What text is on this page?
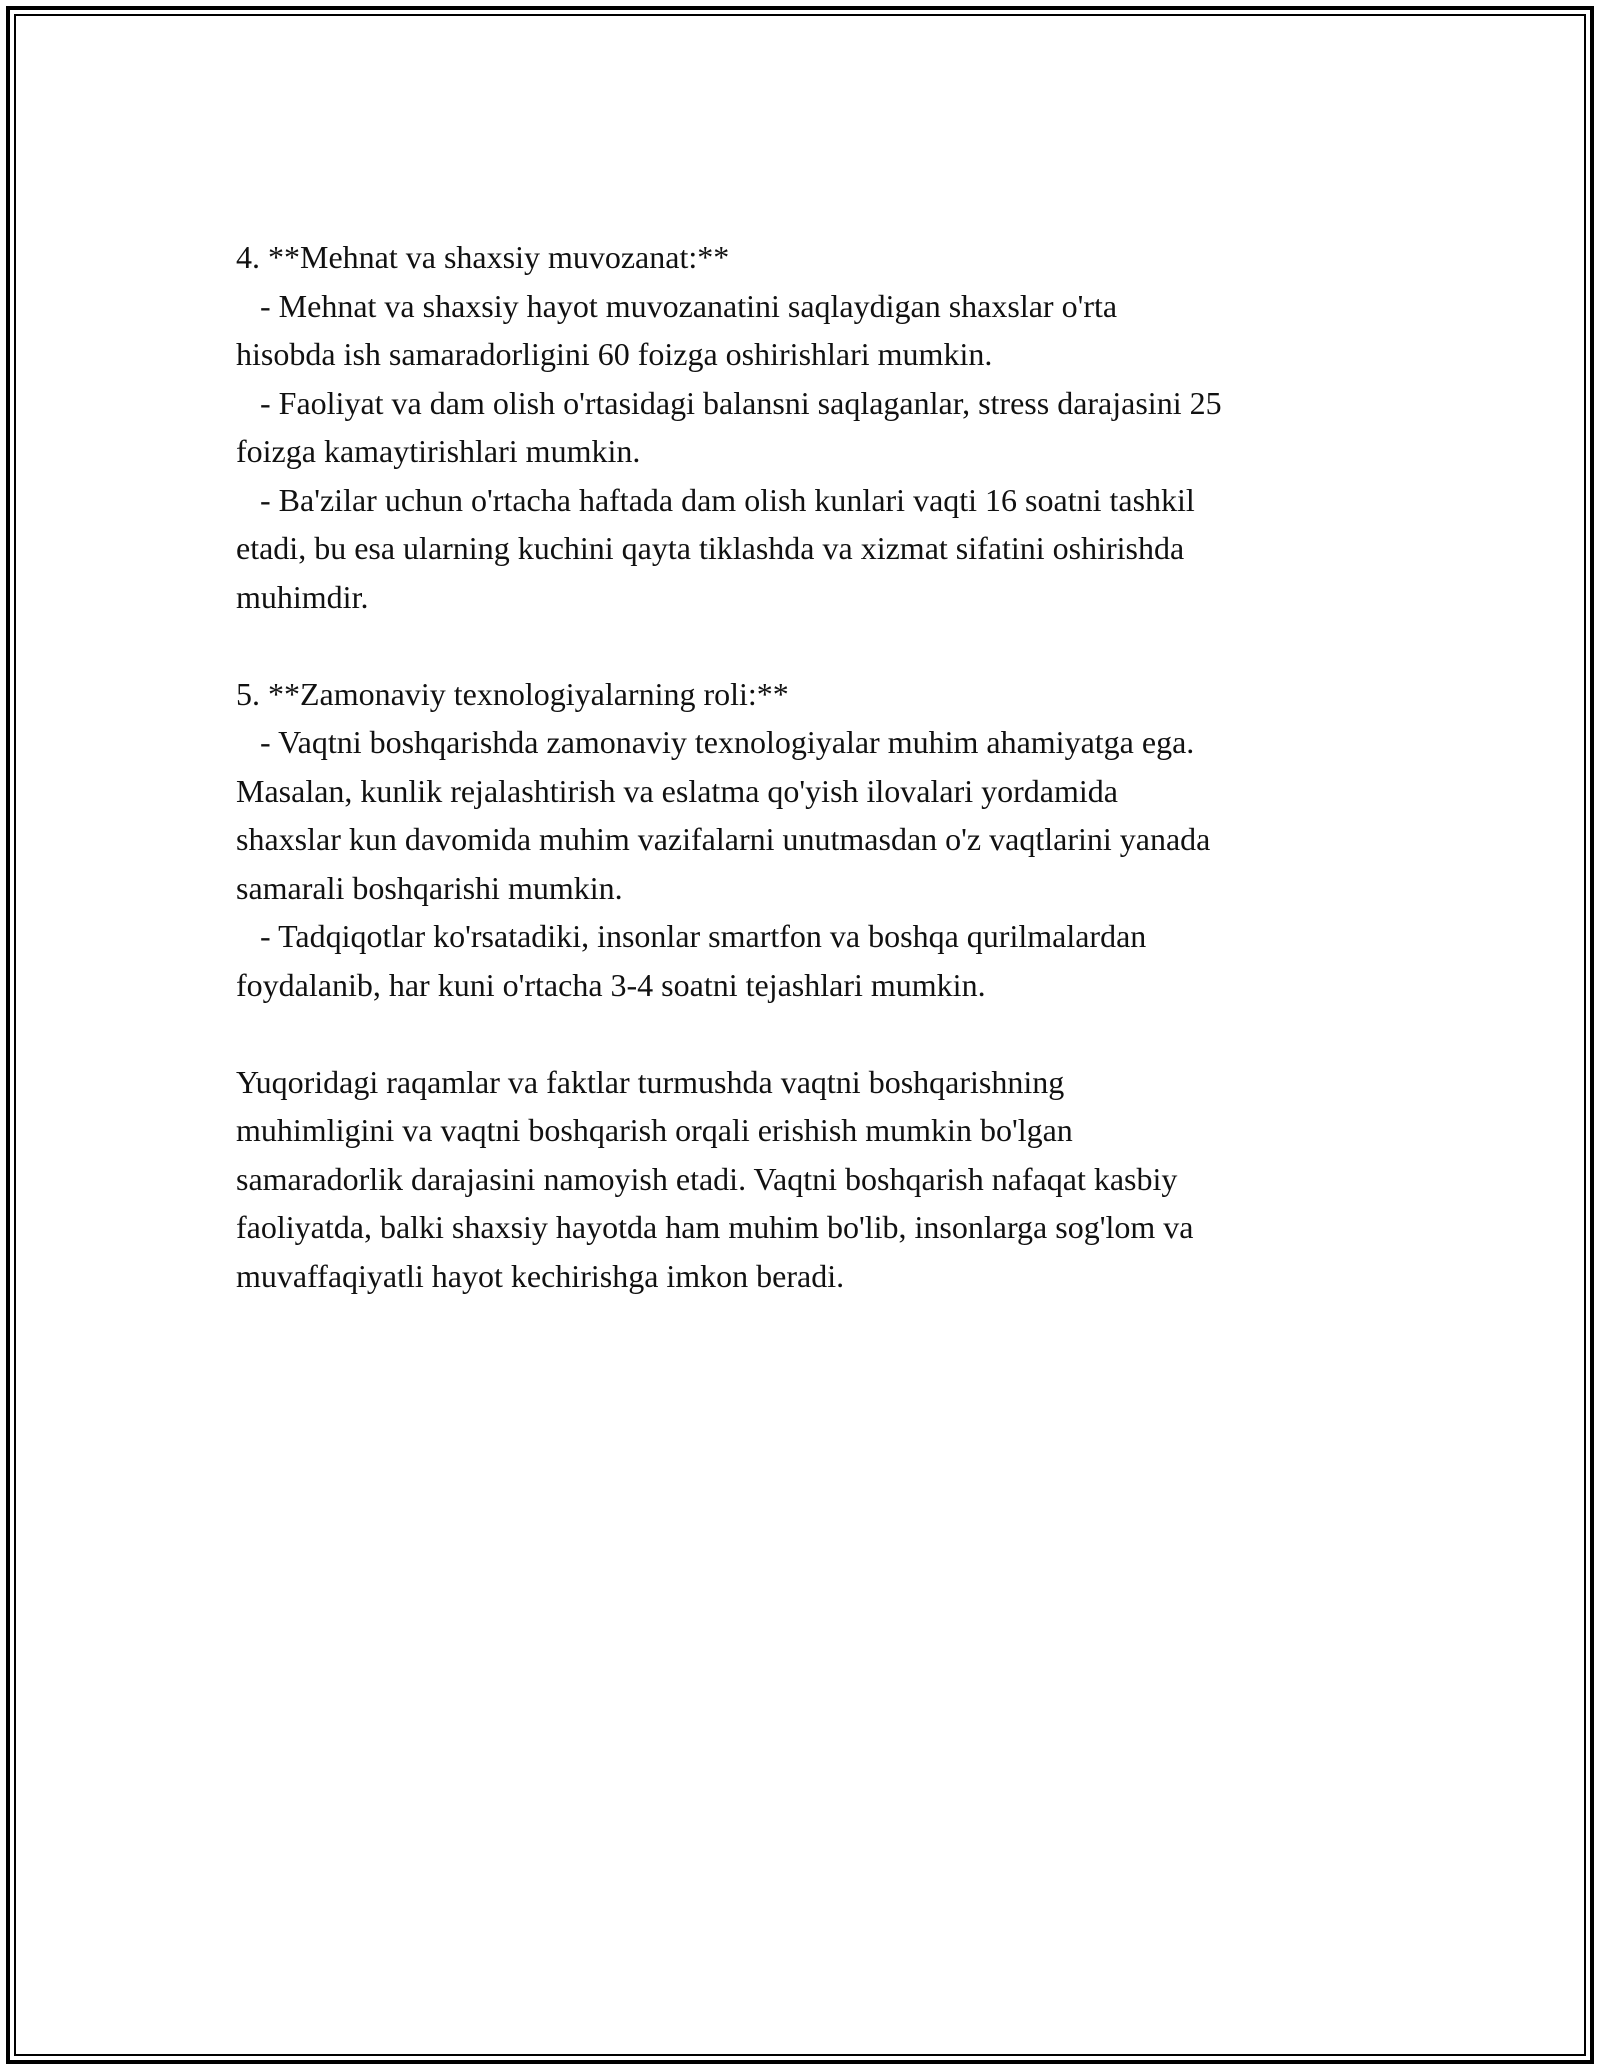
4. **Mehnat va shaxsiy muvozanat:**
- Mehnat va shaxsiy hayot muvozanatini saqlaydigan shaxslar o'rta
hisobda ish samaradorligini 60 foizga oshirishlari mumkin.
- Faoliyat va dam olish o'rtasidagi balansni saqlaganlar, stress darajasini 25
foizga kamaytirishlari mumkin.
- Ba'zilar uchun o'rtacha haftada dam olish kunlari vaqti 16 soatni tashkil
etadi, bu esa ularning kuchini qayta tiklashda va xizmat sifatini oshirishda
muhimdir.
5. **Zamonaviy texnologiyalarning roli:**
- Vaqtni boshqarishda zamonaviy texnologiyalar muhim ahamiyatga ega.
Masalan, kunlik rejalashtirish va eslatma qo'yish ilovalari yordamida
shaxslar kun davomida muhim vazifalarni unutmasdan o'z vaqtlarini yanada
samarali boshqarishi mumkin.
- Tadqiqotlar ko'rsatadiki, insonlar smartfon va boshqa qurilmalardan
foydalanib, har kuni o'rtacha 3-4 soatni tejashlari mumkin.
Yuqoridagi raqamlar va faktlar turmushda vaqtni boshqarishning
muhimligini va vaqtni boshqarish orqali erishish mumkin bo'lgan
samaradorlik darajasini namoyish etadi. Vaqtni boshqarish nafaqat kasbiy
faoliyatda, balki shaxsiy hayotda ham muhim bo'lib, insonlarga sog'lom va
muvaffaqiyatli hayot kechirishga imkon beradi.
